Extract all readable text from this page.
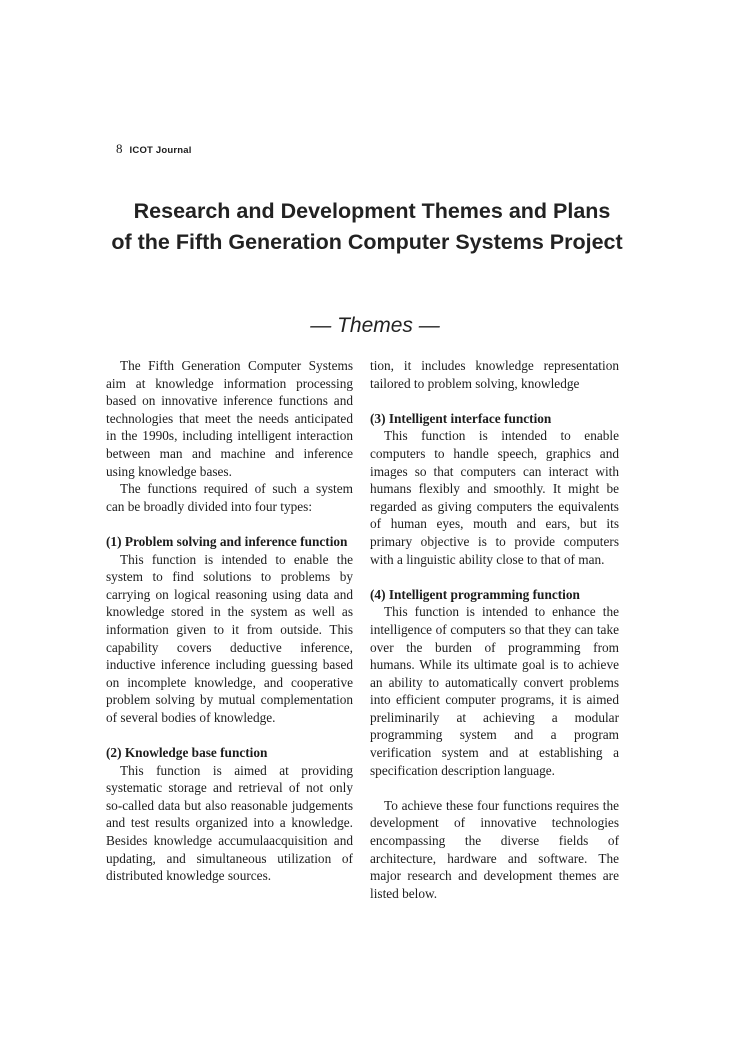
8 ICOT Journal
Research and Development Themes and Plans
of the Fifth Generation Computer Systems Project
— Themes —

The Fifth Generation Computer Systems aim at knowledge information processing based on innovative inference functions and technologies that meet the needs anticipated in the 1990s, including intelligent interaction between man and machine and inference using knowledge bases.

The functions required of such a system can be broadly divided into four types:

(1) Problem solving and inference function

This function is intended to enable the system to find solutions to problems by carrying on logical reasoning using data and knowledge stored in the system as well as information given to it from outside. This capability covers deductive inference, inductive inference including guessing based on incomplete knowledge, and cooperative problem solving by mutual complementation of several bodies of knowledge.

(2) Knowledge base function

This function is aimed at providing systematic storage and retrieval of not only so-called data but also reasonable judgements and test results organized into a knowledge. Besides knowledge accumulaacquisition and updating, and simultaneous utilization of distributed knowledge sources.

tion, it includes knowledge representation tailored to problem solving, knowledge

(3) Intelligent interface function

This function is intended to enable computers to handle speech, graphics and images so that computers can interact with humans flexibly and smoothly. It might be regarded as giving computers the equivalents of human eyes, mouth and ears, but its primary objective is to provide computers with a linguistic ability close to that of man.

(4) Intelligent programming function

This function is intended to enhance the intelligence of computers so that they can take over the burden of programming from humans. While its ultimate goal is to achieve an ability to automatically convert problems into efficient computer programs, it is aimed preliminarily at achieving a modular programming system and a program verification system and at establishing a specification description language.

To achieve these four functions requires the development of innovative technologies encompassing the diverse fields of architecture, hardware and software. The major research and development themes are listed below.
